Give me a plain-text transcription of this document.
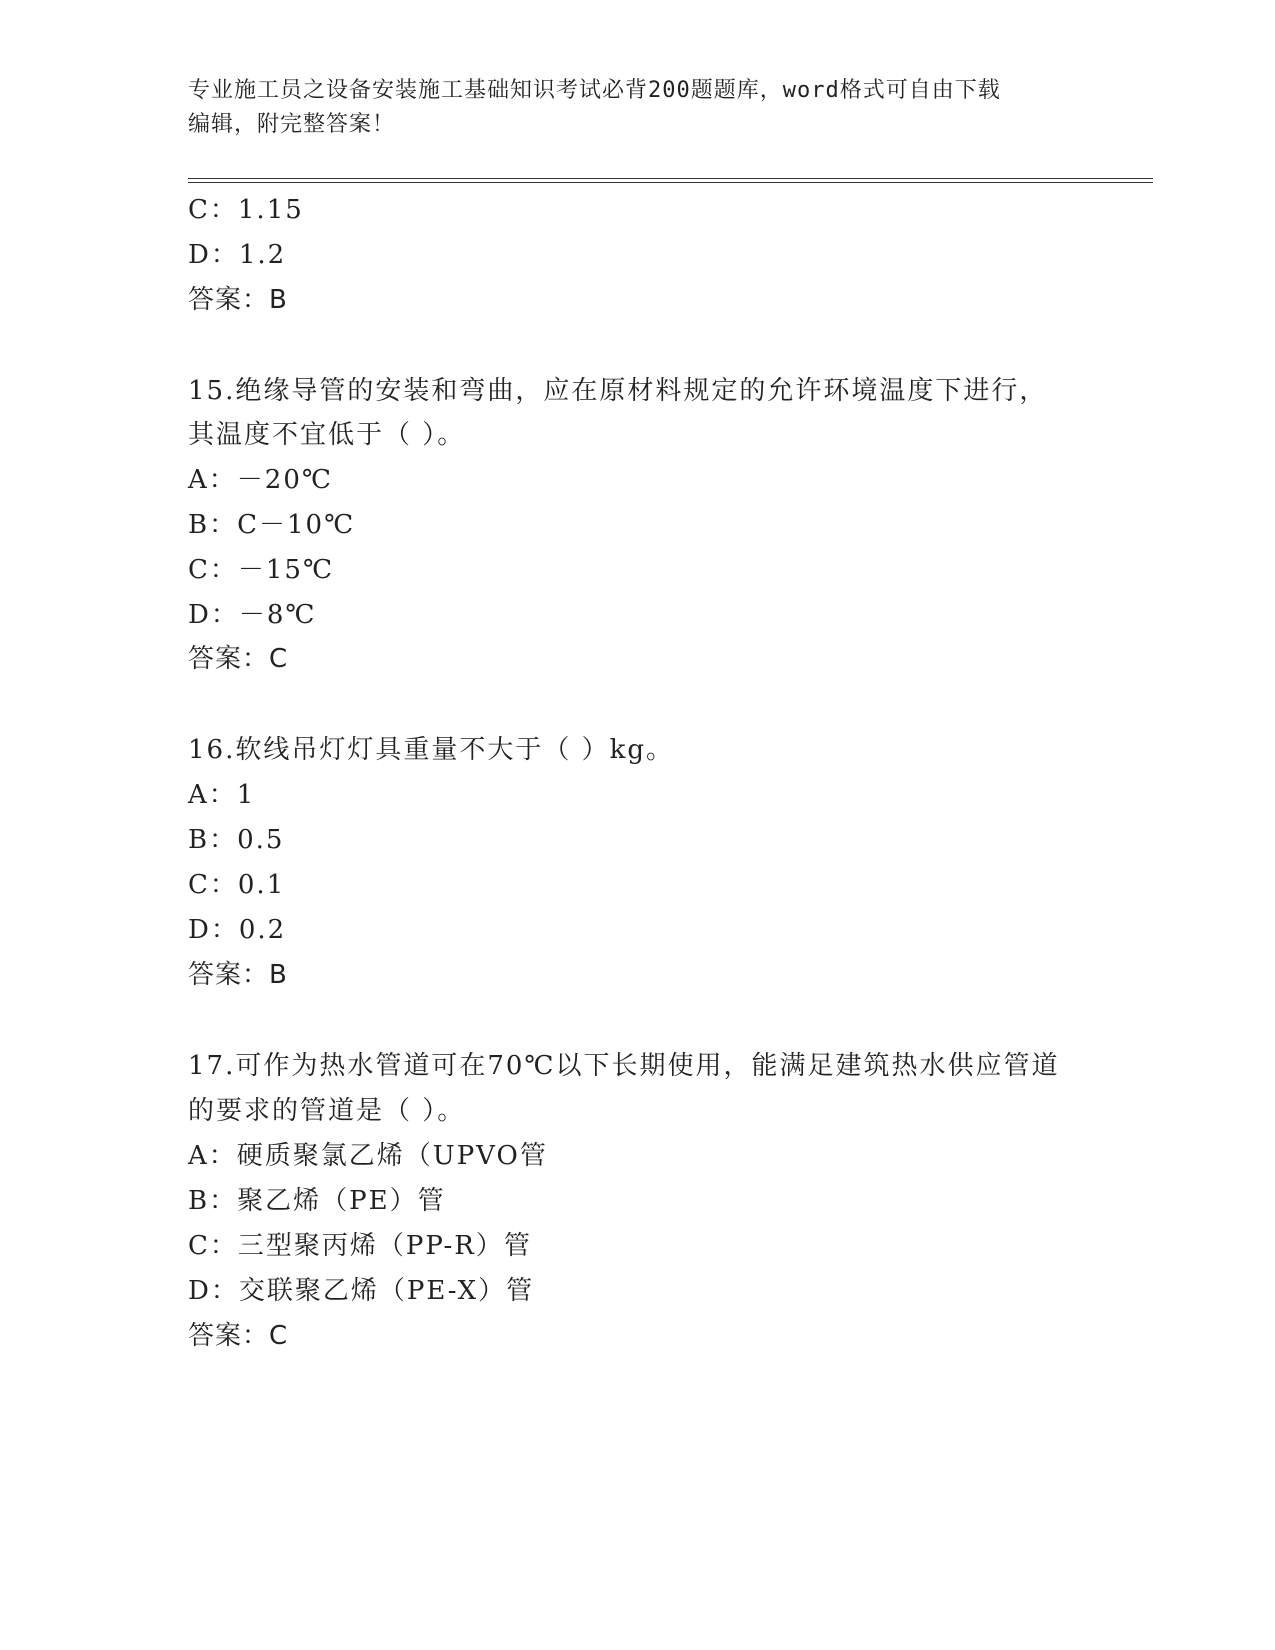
专业施工员之设备安装施工基础知识考试必背200题题库，word格式可自由下载
编辑，附完整答案！
C：1.15
D：1.2
答案：B
15.绝缘导管的安装和弯曲，应在原材料规定的允许环境温度下进行，
其温度不宜低于（ ）。
A：－20℃
B：C－10℃
C：－15℃
D：－8℃
答案：C
16.软线吊灯灯具重量不大于（ ）kg。
A：1
B：0.5
C：0.1
D：0.2
答案：B
17.可作为热水管道可在70℃以下长期使用，能满足建筑热水供应管道
的要求的管道是（ ）。
A：硬质聚氯乙烯（UPVO管
B：聚乙烯（PE）管
C：三型聚丙烯（PP-R）管
D：交联聚乙烯（PE-X）管
答案：C
